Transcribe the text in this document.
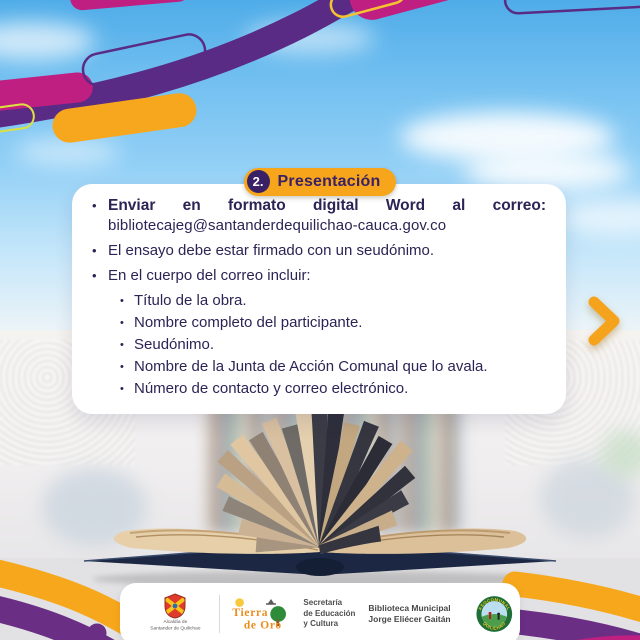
2. Presentación
• Enviar en formato digital Word al correo:
bibliotecajeg@santanderdequilichao-cauca.gov.co
• El ensayo debe estar firmado con un seudónimo.
• En el cuerpo del correo incluir:
• Título de la obra.
• Nombre completo del participante.
• Seudónimo.
• Nombre de la Junta de Acción Comunal que lo avala.
• Número de contacto y correo electrónico.
Alcaldía de
Santander de Quilichao
Tierra
de Oro
Secretaría
de Educación
y Cultura
Biblioteca Municipal
Jorge Eliécer Gaitán
ASOCOMUNAL
QUILICHAO
